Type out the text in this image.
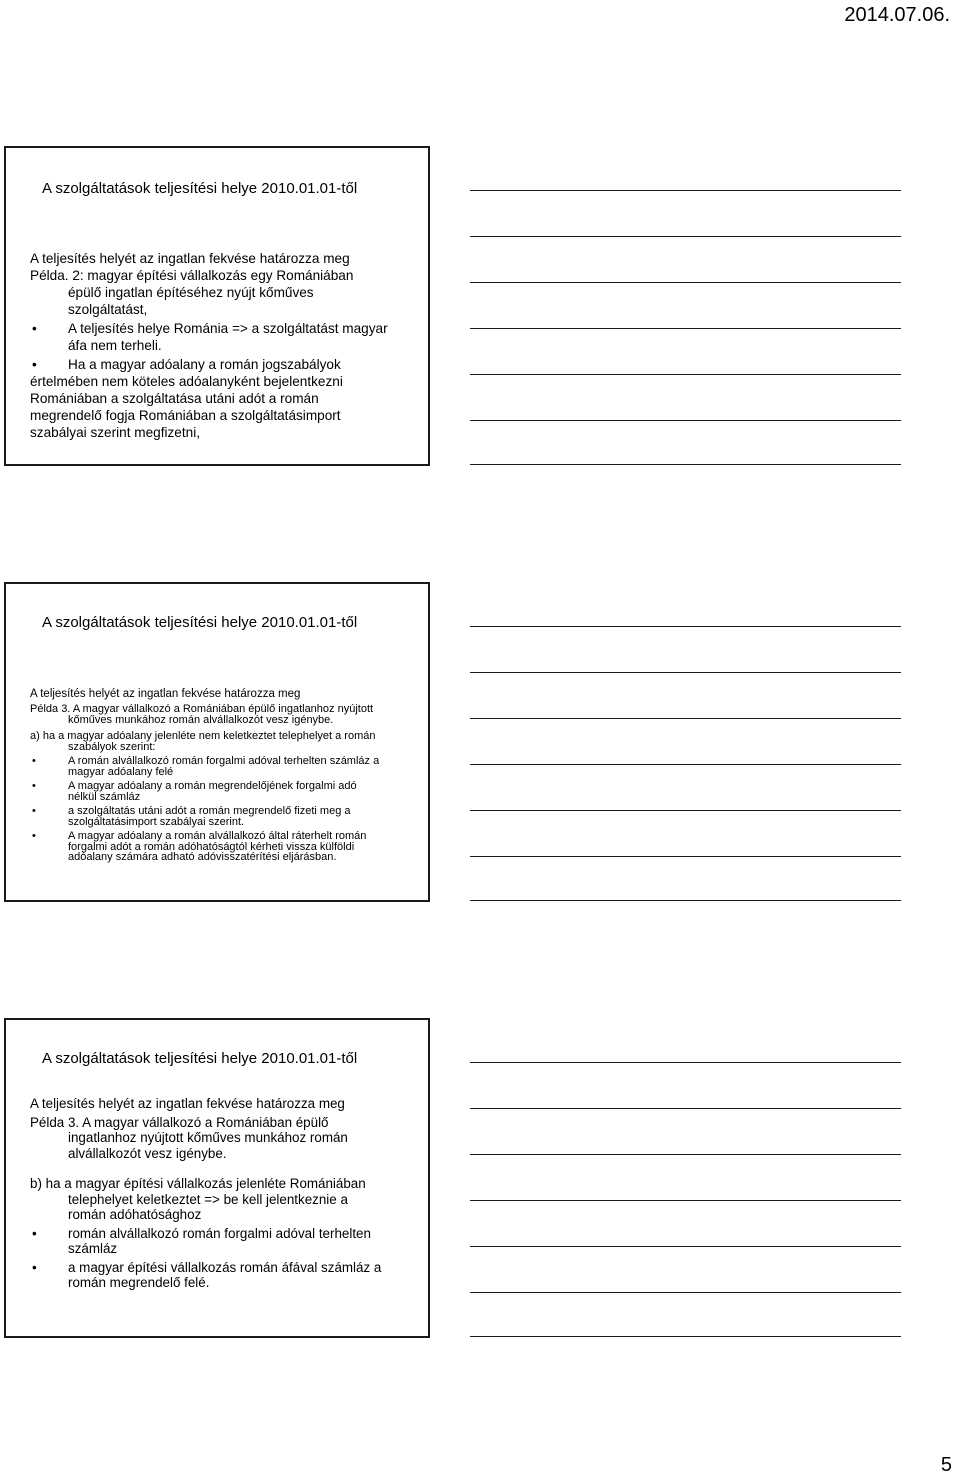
2014.07.06.
A szolgáltatások teljesítési helye 2010.01.01-től

A teljesítés helyét az ingatlan fekvése határozza meg

Példa. 2: magyar építési vállalkozás egy Romániában

épülő ingatlan építéséhez nyújt kőműves

szolgáltatást,

• A teljesítés helye Románia => a szolgáltatást magyar

áfa nem terheli.

• Ha a magyar adóalany a román jogszabályok

értelmében nem köteles adóalanyként bejelentkezni

Romániában a szolgáltatása utáni adót a román

megrendelő fogja Romániában a szolgáltatásimport

szabályai szerint megfizetni,

A szolgáltatások teljesítési helye 2010.01.01-től

A teljesítés helyét az ingatlan fekvése határozza meg

Példa 3. A magyar vállalkozó a Romániában épülő ingatlanhoz nyújtott

kőműves munkához román alvállalkozót vesz igénybe.

a) ha a magyar adóalany jelenléte nem keletkeztet telephelyet a román

szabályok szerint:

•	A román alvállalkozó román forgalmi adóval terhelten számláz a

magyar adóalany felé

•	A magyar adóalany a román megrendelőjének forgalmi adó

nélkül számláz

•	a szolgáltatás utáni adót a román megrendelő fizeti meg a

szolgáltatásimport szabályai szerint.

•	A magyar adóalany a román alvállalkozó által ráterhelt román

forgalmi adót a román adóhatóságtól kérheti vissza külföldi

adóalany számára adható adóvisszatérítési eljárásban.

A szolgáltatások teljesítési helye 2010.01.01-től

A teljesítés helyét az ingatlan fekvése határozza meg

Példa 3. A magyar vállalkozó a Romániában épülő

ingatlanhoz nyújtott kőműves munkához román

alvállalkozót vesz igénybe.

b) ha a magyar építési vállalkozás jelenléte Romániában

telephelyet keletkeztet => be kell jelentkeznie a

román adóhatósághoz

• román alvállalkozó román forgalmi adóval terhelten

számláz

• a magyar építési vállalkozás román áfával számláz a

román megrendelő felé.

5
